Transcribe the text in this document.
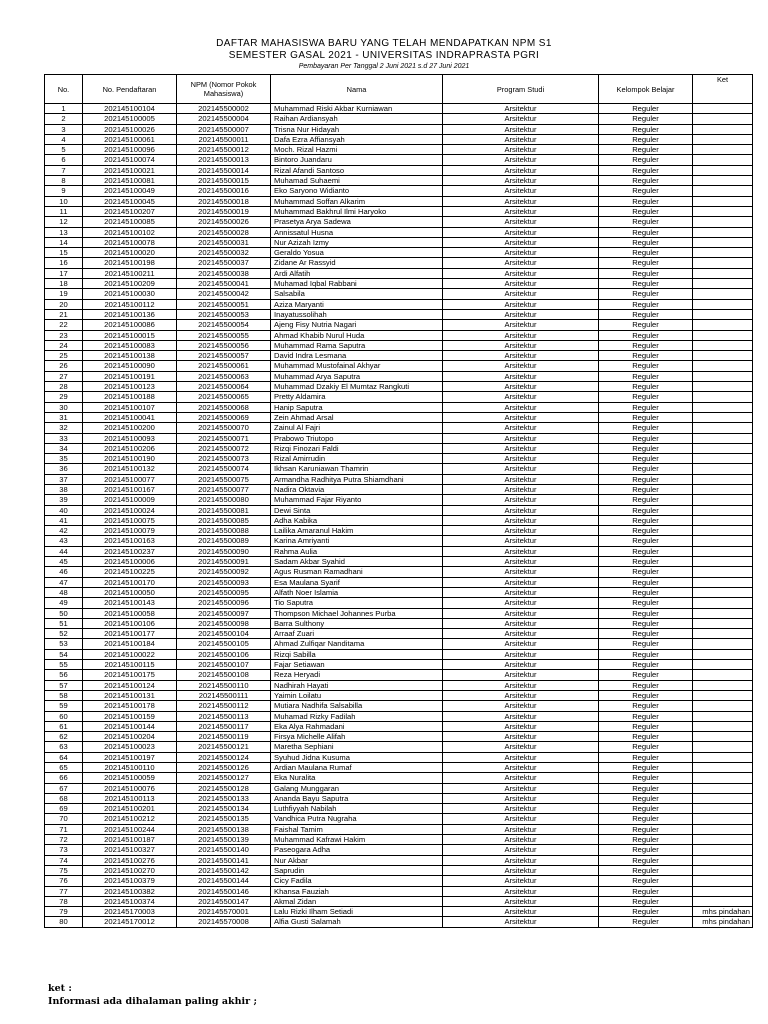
DAFTAR MAHASISWA BARU YANG TELAH MENDAPATKAN NPM S1
SEMESTER GASAL 2021 - UNIVERSITAS INDRAPRASTA PGRI
Pembayaran Per Tanggal 2 Juni 2021 s.d 27 Juni 2021
No.	No. Pendaftaran	NPM (Nomor Pokok Mahasiswa)	Nama	Program Studi	Kelompok Belajar	Ket
1	202145100104	202145500002	Muhammad Riski Akbar Kurniawan	Arsitektur	Reguler	
2	202145100005	202145500004	Raihan Ardiansyah	Arsitektur	Reguler	
3	202145100026	202145500007	Trisna Nur Hidayah	Arsitektur	Reguler	
4	202145100061	202145500011	Dafa Ezra Affiansyah	Arsitektur	Reguler	
5	202145100096	202145500012	Moch. Rizal Hazmi	Arsitektur	Reguler	
6	202145100074	202145500013	Bintoro Juandaru	Arsitektur	Reguler	
7	202145100021	202145500014	Rizal Afandi Santoso	Arsitektur	Reguler	
8	202145100081	202145500015	Muhamad Suhaemi	Arsitektur	Reguler	
9	202145100049	202145500016	Eko Saryono Widianto	Arsitektur	Reguler	
10	202145100045	202145500018	Muhammad Soffan Alkarim	Arsitektur	Reguler	
11	202145100207	202145500019	Muhammad Bakhrul Ilmi Haryoko	Arsitektur	Reguler	
12	202145100085	202145500026	Prasetya Arya Sadewa	Arsitektur	Reguler	
13	202145100102	202145500028	Annissatul Husna	Arsitektur	Reguler	
14	202145100078	202145500031	Nur Azizah Izmy	Arsitektur	Reguler	
15	202145100020	202145500032	Geraldo Yosua	Arsitektur	Reguler	
16	202145100198	202145500037	Zidane Ar Rassyid	Arsitektur	Reguler	
17	202145100211	202145500038	Ardi Alfatih	Arsitektur	Reguler	
18	202145100209	202145500041	Muhamad Iqbal Rabbani	Arsitektur	Reguler	
19	202145100030	202145500042	Salsabila	Arsitektur	Reguler	
20	202145100112	202145500051	Aziza Maryanti	Arsitektur	Reguler	
21	202145100136	202145500053	Inayatussolihah	Arsitektur	Reguler	
22	202145100086	202145500054	Ajeng Fisy Nutria Nagari	Arsitektur	Reguler	
23	202145100015	202145500055	Ahmad Khabib Nurul Huda	Arsitektur	Reguler	
24	202145100083	202145500056	Muhammad Rama Saputra	Arsitektur	Reguler	
25	202145100138	202145500057	David Indra Lesmana	Arsitektur	Reguler	
26	202145100090	202145500061	Muhammad Mustofainal Akhyar	Arsitektur	Reguler	
27	202145100191	202145500063	Muhammad Arya Saputra	Arsitektur	Reguler	
28	202145100123	202145500064	Muhammad Dzakiy El Mumtaz Rangkuti	Arsitektur	Reguler	
29	202145100188	202145500065	Pretty Aldamira	Arsitektur	Reguler	
30	202145100107	202145500068	Hanip Saputra	Arsitektur	Reguler	
31	202145100041	202145500069	Zein Ahmad Arsal	Arsitektur	Reguler	
32	202145100200	202145500070	Zainul Al Fajri	Arsitektur	Reguler	
33	202145100093	202145500071	Prabowo Triutopo	Arsitektur	Reguler	
34	202145100206	202145500072	Rizqi Finozari Faldi	Arsitektur	Reguler	
35	202145100190	202145500073	Rizal Amirrudin	Arsitektur	Reguler	
36	202145100132	202145500074	Ikhsan Karuniawan Thamrin	Arsitektur	Reguler	
37	202145100077	202145500075	Armandha Radhitya Putra Shiamdhani	Arsitektur	Reguler	
38	202145100167	202145500077	Nadira Oktavia	Arsitektur	Reguler	
39	202145100009	202145500080	Muhammad Fajar Riyanto	Arsitektur	Reguler	
40	202145100024	202145500081	Dewi Sinta	Arsitektur	Reguler	
41	202145100075	202145500085	Adha Kabika	Arsitektur	Reguler	
42	202145100079	202145500088	Lailika Amaranul Hakim	Arsitektur	Reguler	
43	202145100163	202145500089	Karina Amriyanti	Arsitektur	Reguler	
44	202145100237	202145500090	Rahma Aulia	Arsitektur	Reguler	
45	202145100006	202145500091	Sadam Akbar Syahid	Arsitektur	Reguler	
46	202145100225	202145500092	Agus Rusman Ramadhani	Arsitektur	Reguler	
47	202145100170	202145500093	Esa Maulana Syarif	Arsitektur	Reguler	
48	202145100050	202145500095	Alfath Noer Islamia	Arsitektur	Reguler	
49	202145100143	202145500096	Tio Saputra	Arsitektur	Reguler	
50	202145100058	202145500097	Thompson Michael Johannes Purba	Arsitektur	Reguler	
51	202145100106	202145500098	Barra Sulthony	Arsitektur	Reguler	
52	202145100177	202145500104	Arraaf Zuari	Arsitektur	Reguler	
53	202145100184	202145500105	Ahmad Zulfiqar Nanditama	Arsitektur	Reguler	
54	202145100022	202145500106	Rizqi Sabilla	Arsitektur	Reguler	
55	202145100115	202145500107	Fajar Setiawan	Arsitektur	Reguler	
56	202145100175	202145500108	Reza Heryadi	Arsitektur	Reguler	
57	202145100124	202145500110	Nadhirah Hayati	Arsitektur	Reguler	
58	202145100131	202145500111	Yaimin Loilatu	Arsitektur	Reguler	
59	202145100178	202145500112	Mutiara Nadhifa Salsabilla	Arsitektur	Reguler	
60	202145100159	202145500113	Muhamad Rizky Fadilah	Arsitektur	Reguler	
61	202145100144	202145500117	Eka Alya Rahmadani	Arsitektur	Reguler	
62	202145100204	202145500119	Firsya Michelle Alifah	Arsitektur	Reguler	
63	202145100023	202145500121	Maretha Sephiani	Arsitektur	Reguler	
64	202145100197	202145500124	Syuhud Jidna Kusuma	Arsitektur	Reguler	
65	202145100110	202145500126	Ardian Maulana Rumaf	Arsitektur	Reguler	
66	202145100059	202145500127	Eka Nuralita	Arsitektur	Reguler	
67	202145100076	202145500128	Galang Munggaran	Arsitektur	Reguler	
68	202145100113	202145500133	Ananda Bayu Saputra	Arsitektur	Reguler	
69	202145100201	202145500134	Luthfiyyah Nabilah	Arsitektur	Reguler	
70	202145100212	202145500135	Vandhica Putra Nugraha	Arsitektur	Reguler	
71	202145100244	202145500138	Faishal Tamim	Arsitektur	Reguler	
72	202145100187	202145500139	Muhammad Kafrawi Hakim	Arsitektur	Reguler	
73	202145100327	202145500140	Paseogara Adha	Arsitektur	Reguler	
74	202145100276	202145500141	Nur Akbar	Arsitektur	Reguler	
75	202145100270	202145500142	Saprudin	Arsitektur	Reguler	
76	202145100379	202145500144	Cicy Fadila	Arsitektur	Reguler	
77	202145100382	202145500146	Khansa Fauziah	Arsitektur	Reguler	
78	202145100374	202145500147	Akmal Zidan	Arsitektur	Reguler	
79	202145170003	202145570001	Lalu Rizki Ilham Setiadi	Arsitektur	Reguler	mhs pindahan
80	202145170012	202145570008	Alfia Gusti Salamah	Arsitektur	Reguler	mhs pindahan
ket :
Informasi ada dihalaman paling akhir ;
